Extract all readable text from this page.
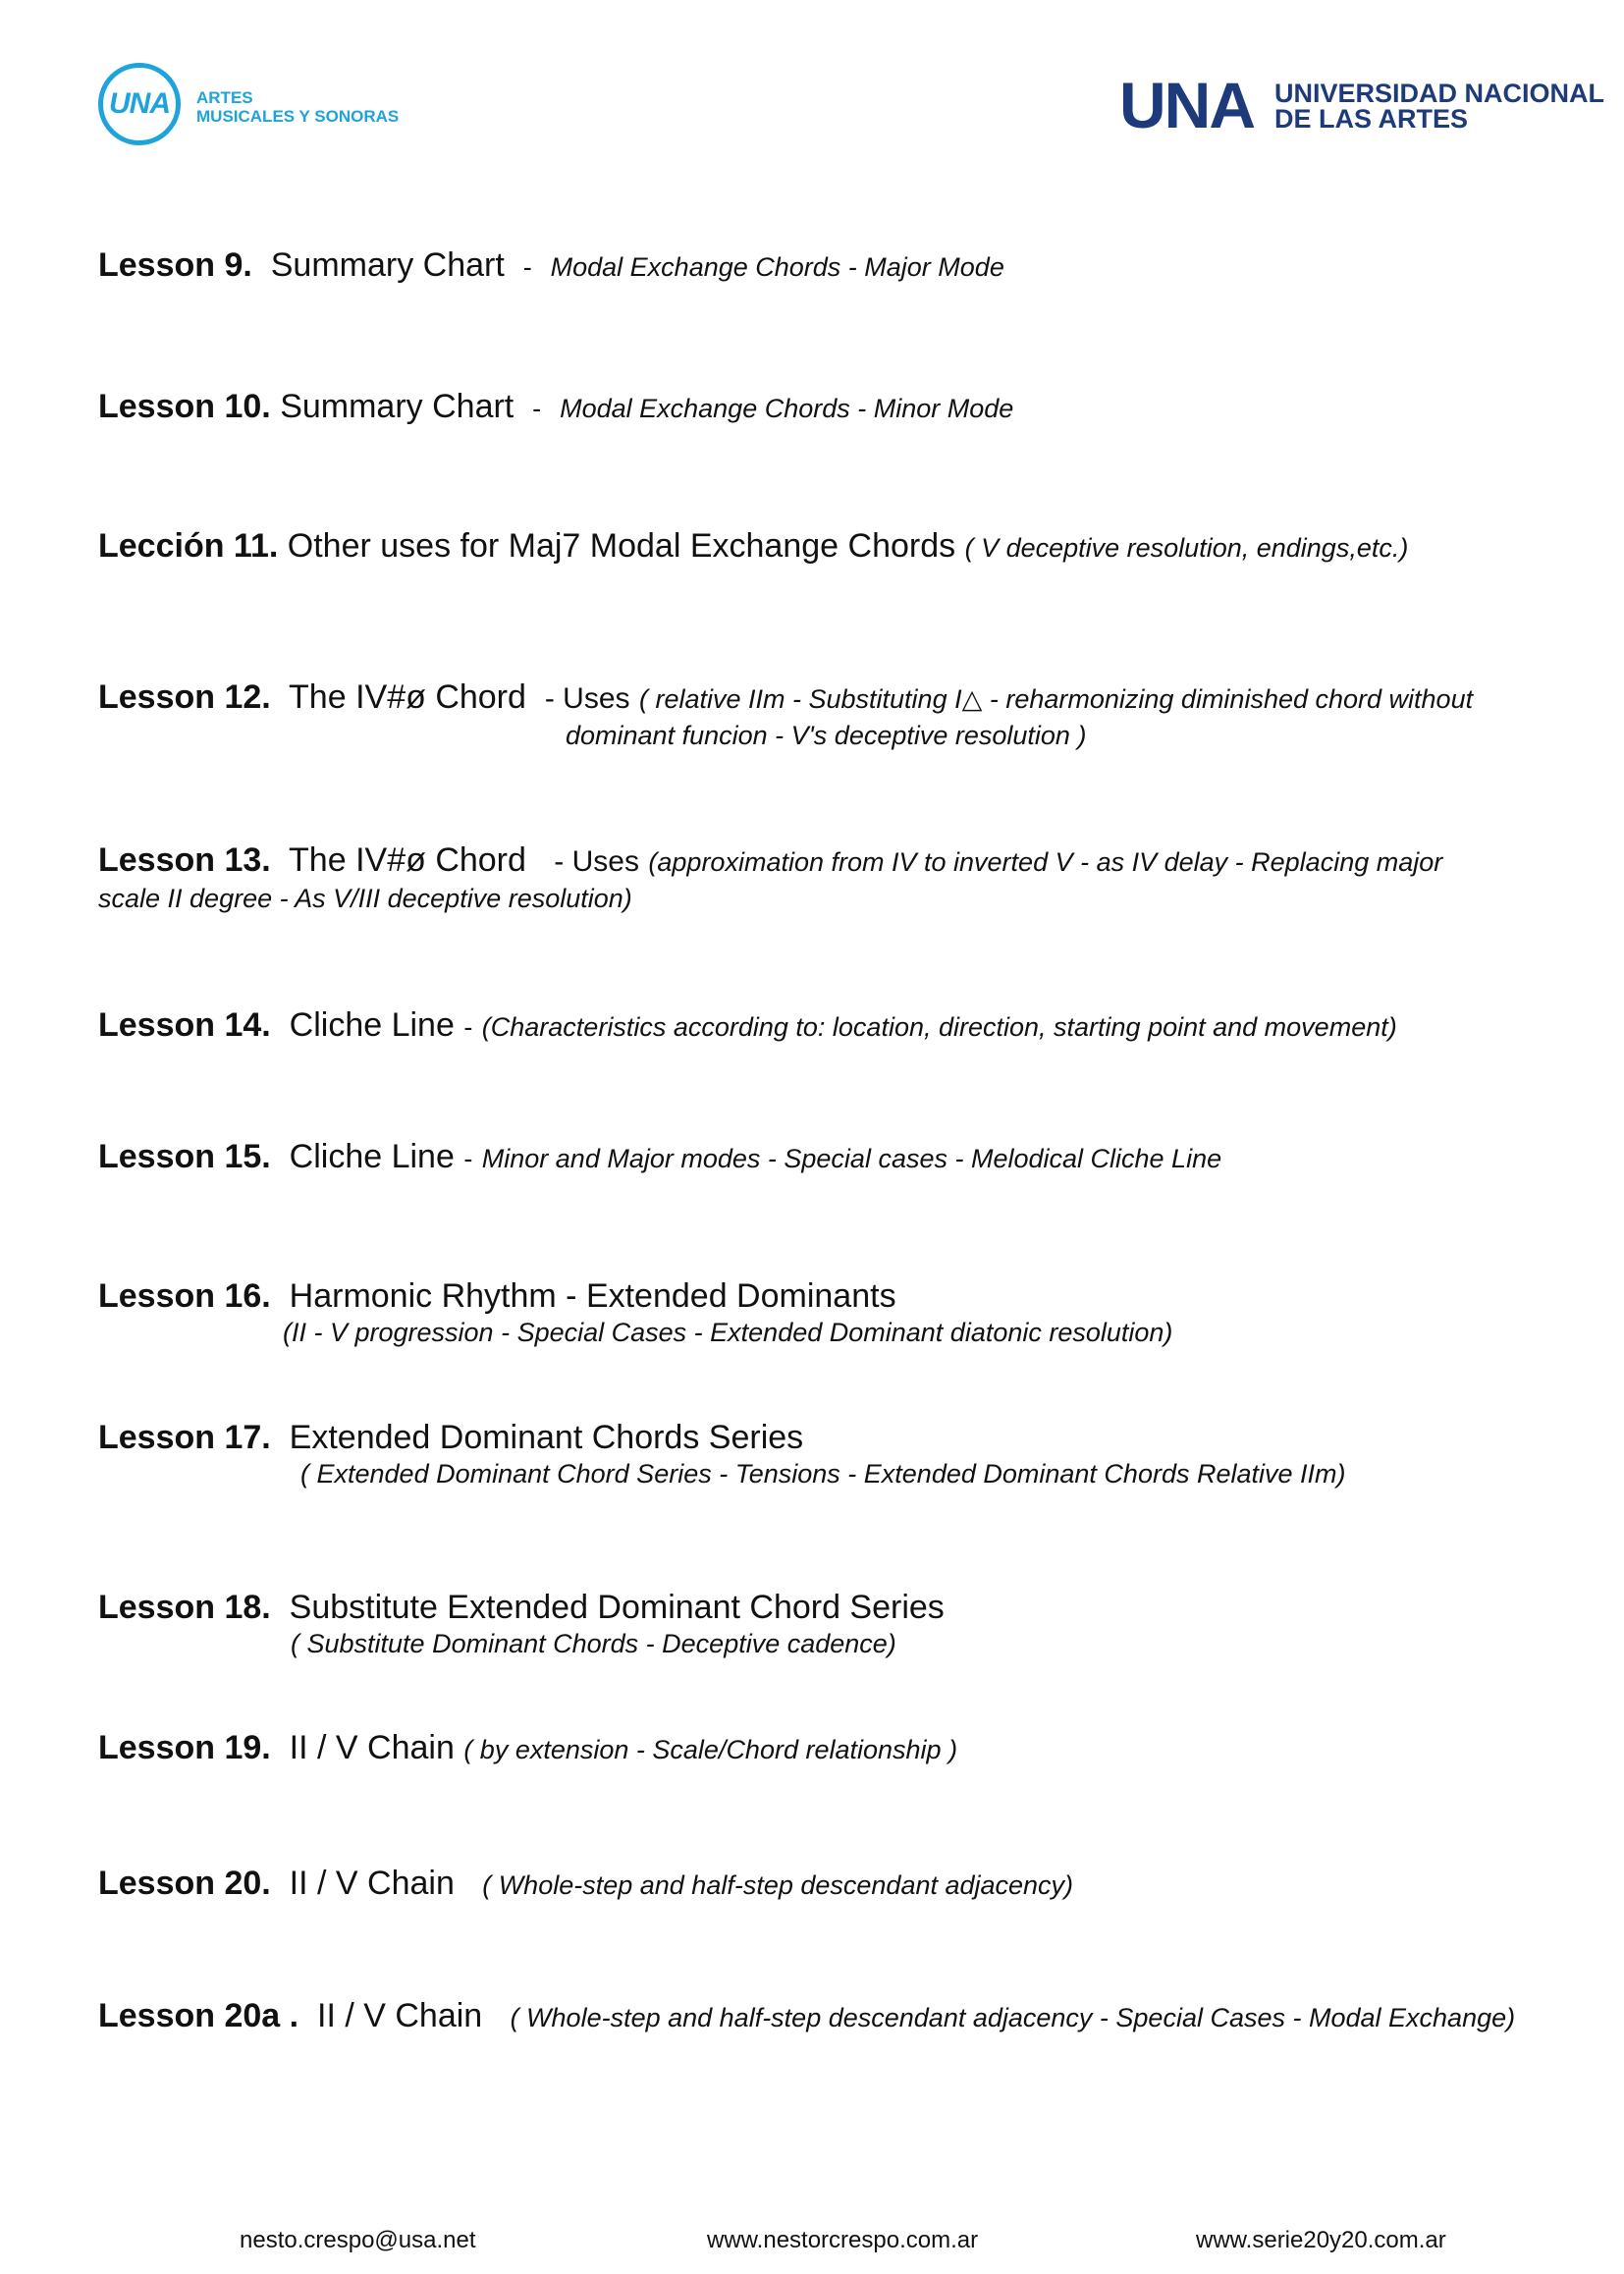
UNA ARTES
MUSICALES Y SONORAS	UNA UNIVERSIDAD NACIONAL
DE LAS ARTES
Lesson 9. Summary Chart - Modal Exchange Chords - Major Mode
Lesson 10. Summary Chart - Modal Exchange Chords - Minor Mode
Lección 11. Other uses for Maj7 Modal Exchange Chords ( V deceptive resolution, endings,etc.)
Lesson 12. The IV#ø Chord - Uses ( relative IIm - Substituting I△ - reharmonizing diminished chord without
dominant funcion - V's deceptive resolution )
Lesson 13. The IV#ø Chord - Uses (approximation from IV to inverted V - as IV delay - Replacing major
scale II degree - As V/III deceptive resolution)
Lesson 14. Cliche Line - (Characteristics according to: location, direction, starting point and movement)
Lesson 15. Cliche Line - Minor and Major modes - Special cases - Melodical Cliche Line
Lesson 16. Harmonic Rhythm - Extended Dominants
(II - V progression - Special Cases - Extended Dominant diatonic resolution)
Lesson 17. Extended Dominant Chords Series
( Extended Dominant Chord Series - Tensions - Extended Dominant Chords Relative IIm)
Lesson 18. Substitute Extended Dominant Chord Series
( Substitute Dominant Chords - Deceptive cadence)
Lesson 19. II / V Chain ( by extension - Scale/Chord relationship )
Lesson 20. II / V Chain ( Whole-step and half-step descendant adjacency)
Lesson 20a . II / V Chain ( Whole-step and half-step descendant adjacency - Special Cases - Modal Exchange)
nesto.crespo@usa.net	www.nestorcrespo.com.ar	www.serie20y20.com.ar
